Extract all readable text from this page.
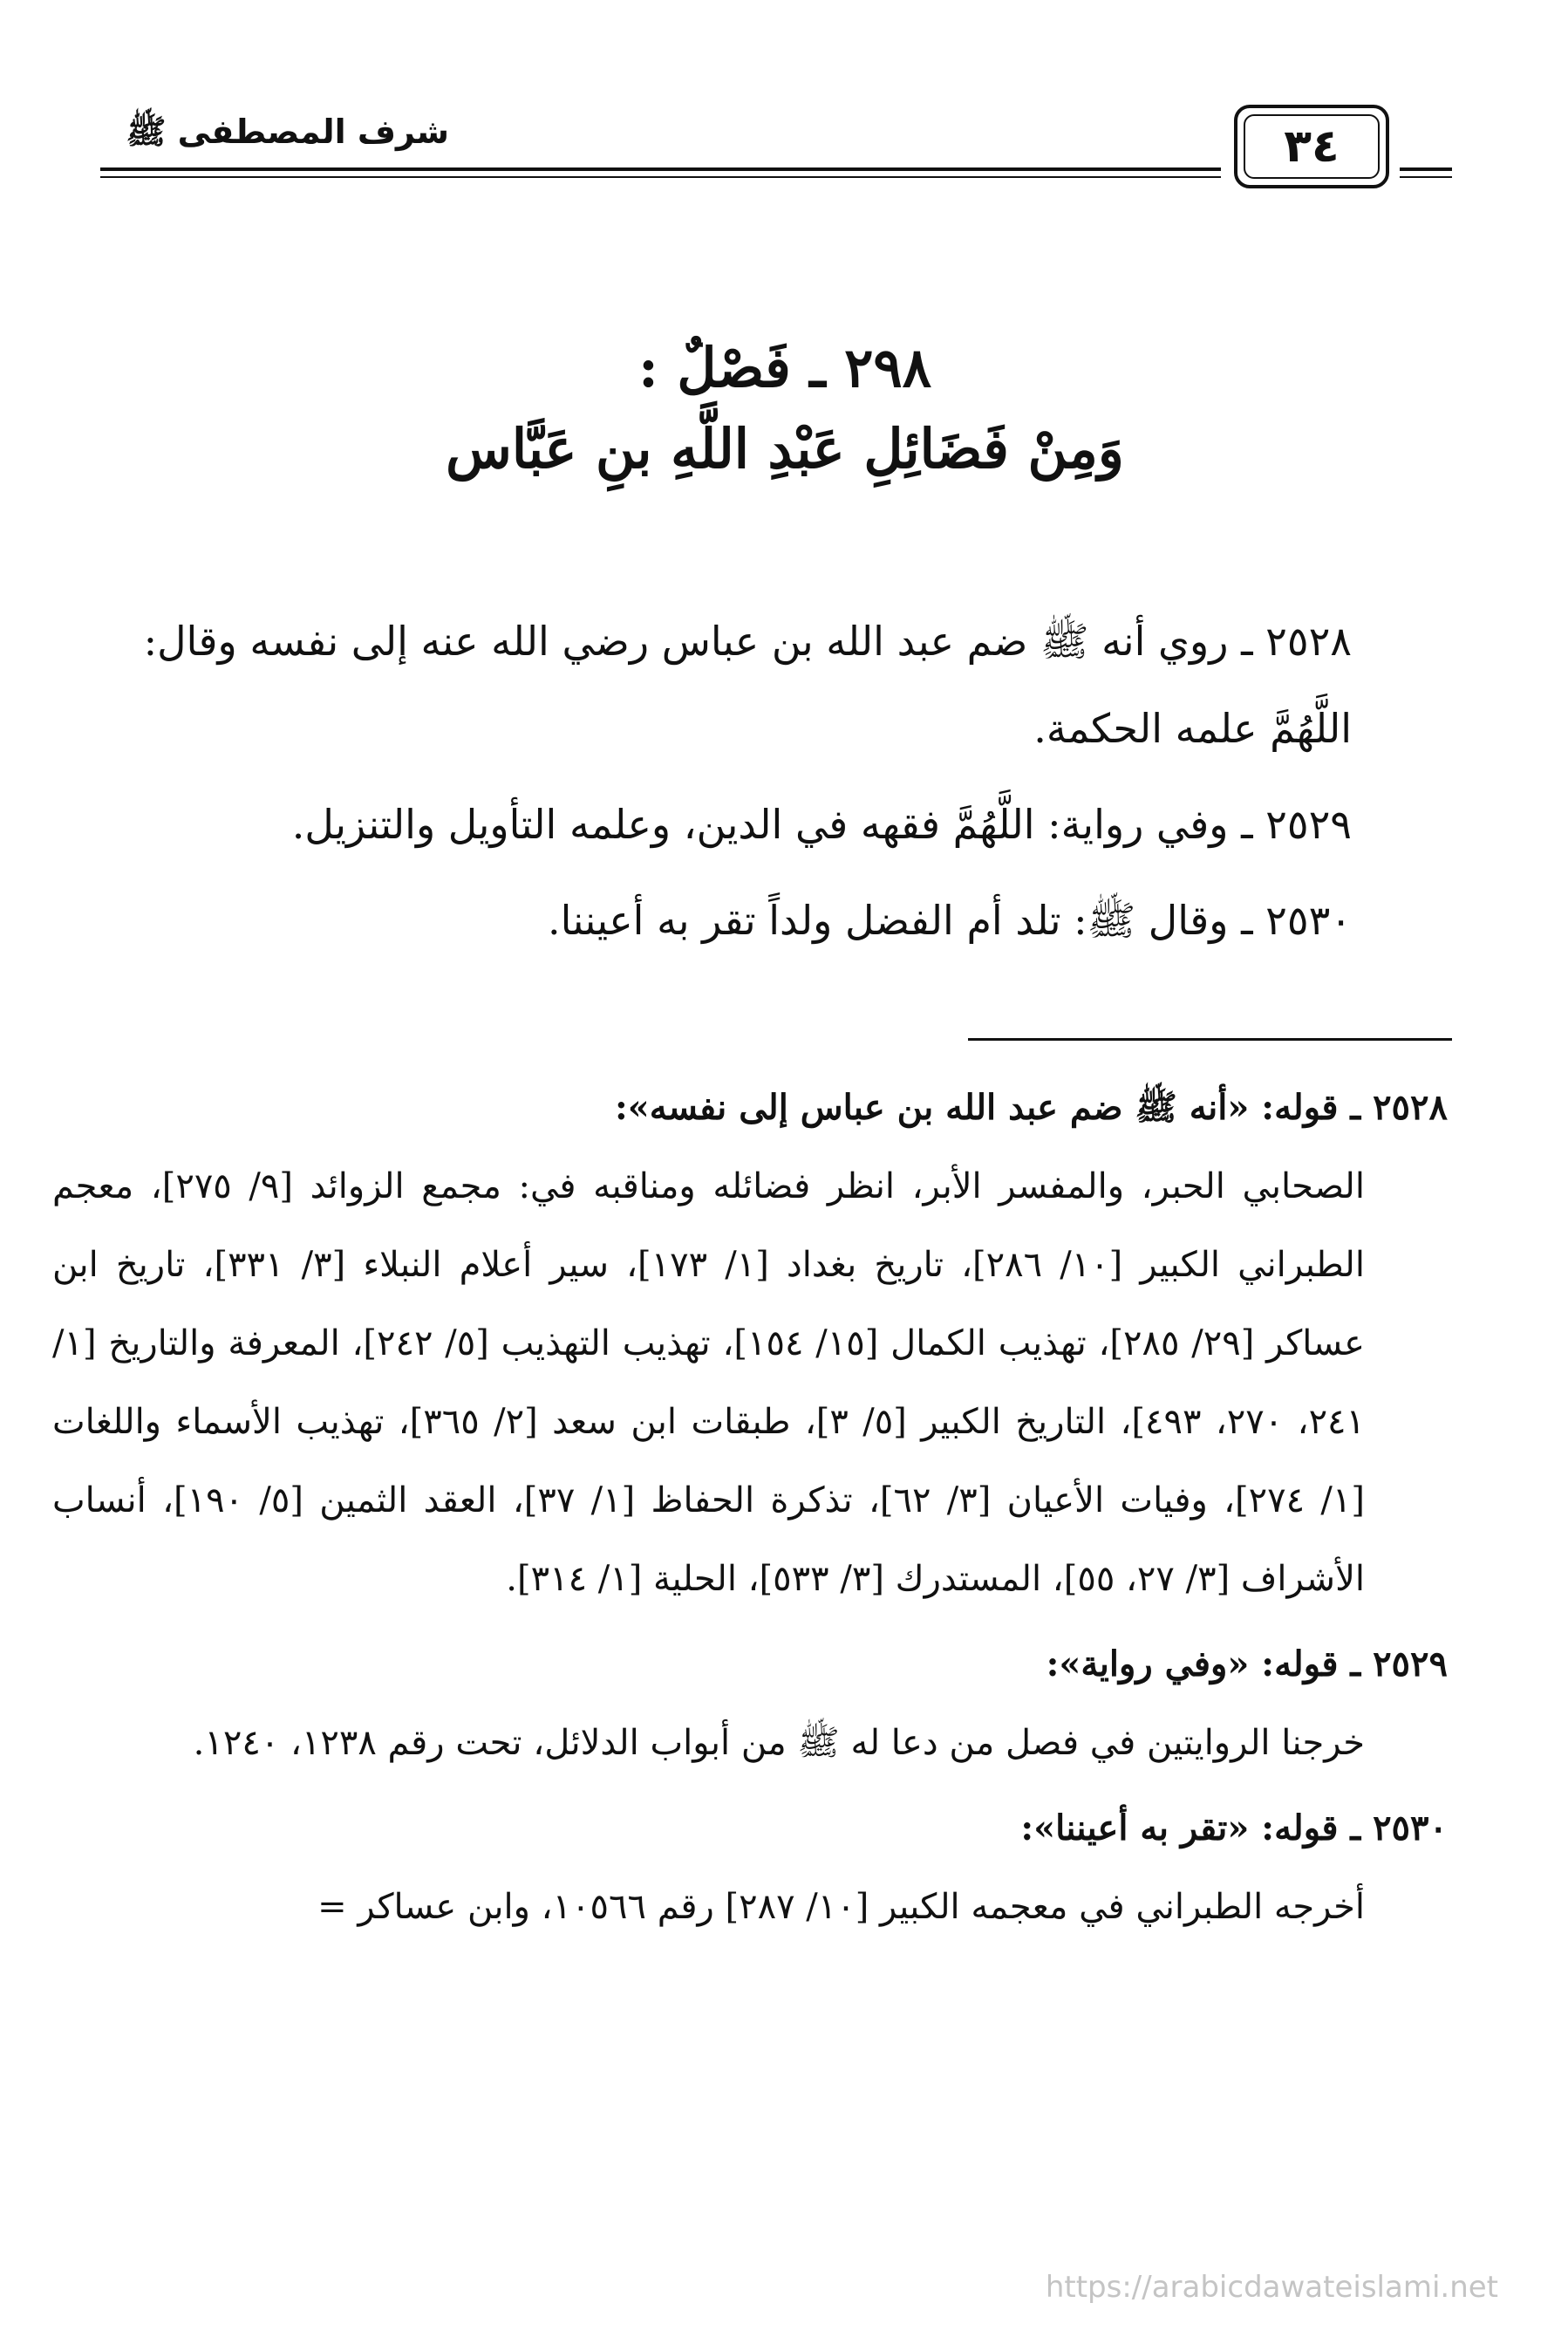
شرف المصطفى ﷺ	٣٤
٢٩٨ ـ فَصْلٌ :
وَمِنْ فَضَائِلِ عَبْدِ اللَّهِ بنِ عَبَّاس

٢٥٢٨ ـ روي أنه ﷺ ضم عبد الله بن عباس رضي الله عنه إلى نفسه وقال: اللَّهُمَّ علمه الحكمة.

٢٥٢٩ ـ وفي رواية: اللَّهُمَّ فقهه في الدين، وعلمه التأويل والتنزيل.

٢٥٣٠ ـ وقال ﷺ: تلد أم الفضل ولداً تقر به أعيننا.

٢٥٢٨ ـ قوله: «أنه ﷺ ضم عبد الله بن عباس إلى نفسه»:
الصحابي الحبر، والمفسر الأبر، انظر فضائله ومناقبه في: مجمع الزوائد [٩/ ٢٧٥]، معجم الطبراني الكبير [١٠/ ٢٨٦]، تاريخ بغداد [١/ ١٧٣]، سير أعلام النبلاء [٣/ ٣٣١]، تاريخ ابن عساكر [٢٩/ ٢٨٥]، تهذيب الكمال [١٥/ ١٥٤]، تهذيب التهذيب [٥/ ٢٤٢]، المعرفة والتاريخ [١/ ٢٤١، ٢٧٠، ٤٩٣]، التاريخ الكبير [٥/ ٣]، طبقات ابن سعد [٢/ ٣٦٥]، تهذيب الأسماء واللغات [١/ ٢٧٤]، وفيات الأعيان [٣/ ٦٢]، تذكرة الحفاظ [١/ ٣٧]، العقد الثمين [٥/ ١٩٠]، أنساب الأشراف [٣/ ٢٧، ٥٥]، المستدرك [٣/ ٥٣٣]، الحلية [١/ ٣١٤].
٢٥٢٩ ـ قوله: «وفي رواية»:
خرجنا الروايتين في فصل من دعا له ﷺ من أبواب الدلائل، تحت رقم ١٢٣٨، ١٢٤٠.
٢٥٣٠ ـ قوله: «تقر به أعيننا»:
أخرجه الطبراني في معجمه الكبير [١٠/ ٢٨٧] رقم ١٠٥٦٦، وابن عساكر =
https://arabicdawateislami.net
